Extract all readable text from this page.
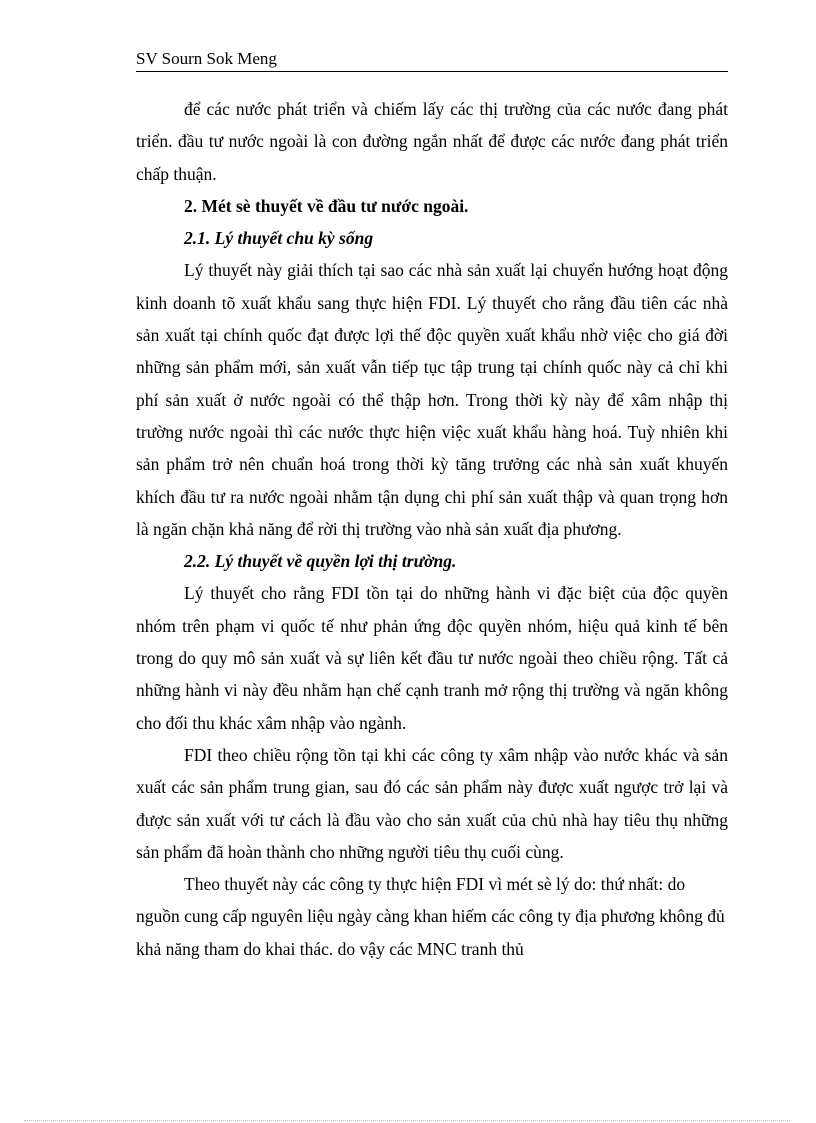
SV Sourn Sok Meng

để các nước phát triển và chiếm lấy các thị trường của các nước đang phát triển. đầu tư nước ngoài là con đường ngắn nhất để được các nước đang phát triển chấp thuận.

2. Mét sè thuyết về đầu tư nước ngoài.
2.1. Lý thuyết chu kỳ sống

Lý thuyết này giải thích tại sao các nhà sản xuất lại chuyển hướng hoạt động kinh doanh tõ xuất khẩu sang thực hiện FDI. Lý thuyết cho rằng đầu tiên các nhà sản xuất tại chính quốc đạt được lợi thế độc quyền xuất khẩu nhờ việc cho giá đời những sản phẩm mới, sản xuất vẫn tiếp tục tập trung tại chính quốc này cả chỉ khi phí sản xuất ở nước ngoài có thể thập hơn. Trong thời kỳ này để xâm nhập thị trường nước ngoài thì các nước thực hiện việc xuất khẩu hàng hoá. Tuỳ nhiên khi sản phẩm trở nên chuẩn hoá trong thời kỳ tăng trưởng các nhà sản xuất khuyến khích đầu tư ra nước ngoài nhằm tận dụng chi phí sản xuất thập và quan trọng hơn là ngăn chặn khả năng để rời thị trường vào nhà sản xuất địa phương.

2.2. Lý thuyết về quyền lợi thị trường.

Lý thuyết cho rằng FDI tồn tại do những hành vi đặc biệt của độc quyền nhóm trên phạm vi quốc tế như phản ứng độc quyền nhóm, hiệu quả kinh tế bên trong do quy mô sản xuất và sự liên kết đầu tư nước ngoài theo chiều rộng. Tất cả những hành vi này đều nhằm hạn chế cạnh tranh mở rộng thị trường và ngăn không cho đối thu khác xâm nhập vào ngành.

FDI theo chiều rộng tồn tại khi các công ty xâm nhập vào nước khác và sản xuất các sản phẩm trung gian, sau đó các sản phẩm này được xuất ngược trở lại và được sản xuất với tư cách là đầu vào cho sản xuất của chủ nhà hay tiêu thụ những sản phẩm đã hoàn thành cho những người tiêu thụ cuối cùng.

Theo thuyết này các công ty thực hiện FDI vì mét sè lý do: thứ nhất: do nguồn cung cấp nguyên liệu ngày càng khan hiếm các công ty địa phương không đủ khả năng tham do khai thác. do vậy các MNC tranh thủ
